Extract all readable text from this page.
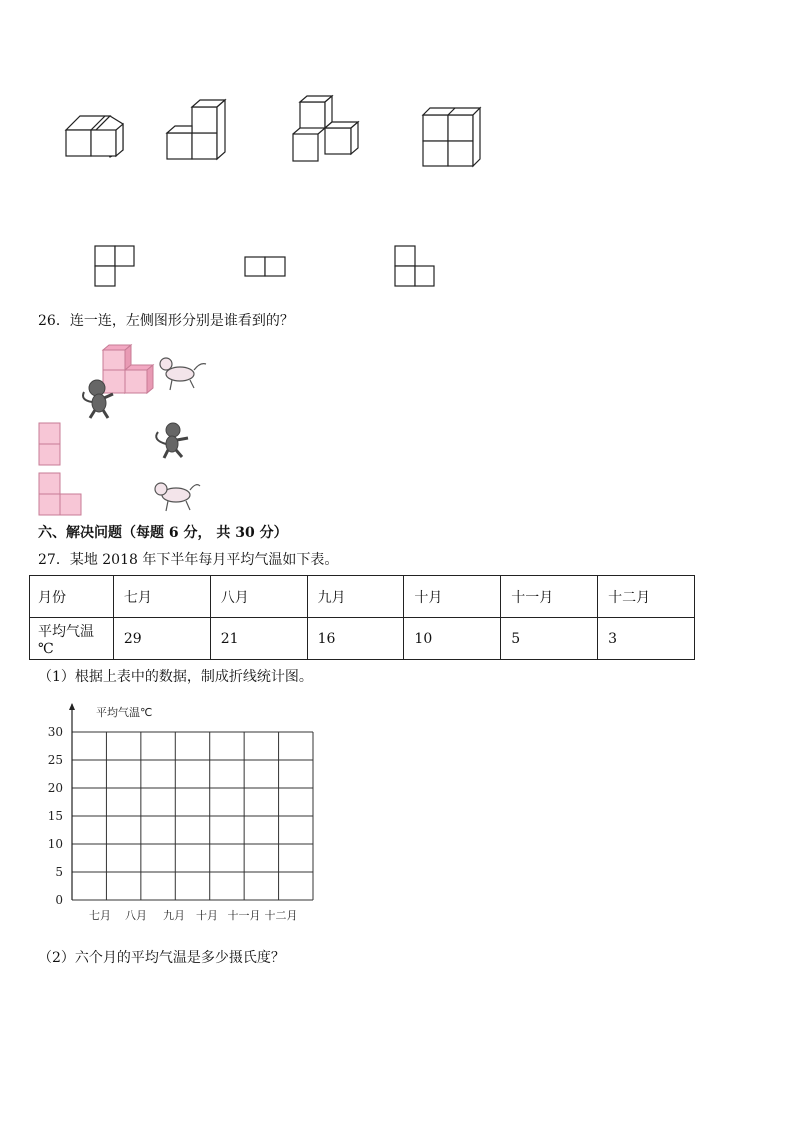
26．连一连，左侧图形分别是谁看到的？
六、解决问题（每题 6 分， 共 30 分）
27．某地 2018 年下半年每月平均气温如下表。
月份	七月	八月	九月	十月	十一月	十二月
平均气温 ℃	29	21	16	10	5	3
（1）根据上表中的数据，制成折线统计图。
平均气温℃
30
25
20
15
10
5
0
七月 八月 九月 十月 十一月 十二月
（2）六个月的平均气温是多少摄氏度？
